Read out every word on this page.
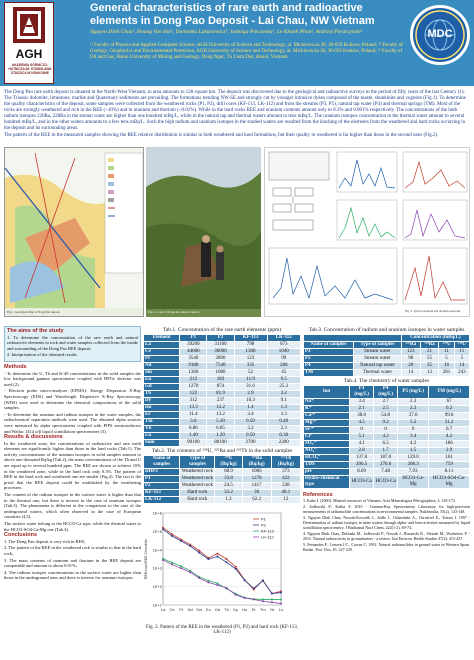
AGH
AKADEMIA GÓRNICZO-HUTNICZA IM. STANISŁAWA STASZICA W KRAKOWIE
General characteristics of rare earth and radioactive elements in Dong Pao Deposit - Lai Chau, NW Vietnam
Nguyen Dinh Chau¹, Hoang Van Hai², Dominika Lukasiewicz³, Jadwiga Pieczonka¹, Le Khanh Phon², Andrzej Piestrzyński¹
¹⁾ Faculty of Physics and Applied Computer Science, AGH University of Science and Technology, al. Mickiewicza 30, 30-059 Krakow, Poland; ²⁾ Faculty of Geology, Geophysics and Environmental Protection, AGH University of Science and Technology, al. Mickiewicza 30, 30-059 Kraków, Poland; ³⁾ Faculty of Oil and Gas, Hanoi University of Mining and Geology, Dong Ngac, Tu Liem Dist, Hanoi, Vietnam
MDC

The Dong Pao rare earth deposit is situated in the North-West Vietnam, in area amounts to 120 square km. The deposit was discovered due to the geological and radioactive surveys in the period of fifty years of the last Century (1). The Triassic dolomite, limestone, marble and Quaternary sediments are prevailing. The formations trending NW-SE and strongly cut by younger intrusive dykes composed of the tuaste, shonkinite and vogesite (Fig.1). To determine the quality characteristics of the deposit, some samples were collected from the weathered rocks (P1, P2), drill cores (KF-113, LK-112) and from the streams (P3, P5), natural tap water (P4) and thermal springs (TM). Most of the rocks are strongly weathered and rich in the REE (~10%) and in uranium and thorium (~0.01%). While in the hard rocks REE and uranium contents amount only to 0.3% and 0.001% respectively. The concentrations of the both radium isotopes 226Ra, 228Ra in the stream water are higher than one hundred mBq/L, while in the natural tap and thermal waters amount to tens mBq/L. The uranium isotopes concentration in the thermal water amount to several hundred mBq/L, and in the other waters amounts to a few tens mBq/L. Such the high radium and uranium isotopes in the studied waters are resulted from the leaching of the elements from the weathered and hard rocks occurring in the deposit and its surrounding areas.

The pattern of the REE in the measured samples showing the REE relative distribution is similar in both weathered and hard formations, but their quality in weathered is far higher than those in the second ones (Fig.2).

Fig.1. Geological Map of Dong Pao deposit	Fig 2. A view of Dong Pao deposit outcrop	Fig. 3. Typical uranium and thorium spectrum
The aims of the study

1. To determine the concentration of the rare earth and natural radioactive elements in rock and water samples collected from the inside and surrounding of the Dong Pao REE deposit.

2. Interpretation of the obtained results

Methods

- To determine the U, Th and K-40 concentrations in the solid samples the low background gamma spectrometer coupled with HPGe detector was used (2).

- Electron probe micro-analyser (EPMA): Energy Dispersion X-Ray Spectroscopy (EDS) and Wavelength Dispersive X-Ray Spectroscopy (WDS) were used to determine the chemical compositions of the solid samples.

- To determine the uranium and radium isotopes in the water samples, the radiochemical separation methods were used. The obtained alpha sources were measured by alpha spectrometer coupled with PIPS semiconductor and Wallac 1414 α/β liquid scintillation spectrometer (3).

Results & discussions

In the weathered zone, the concentrations of radioactive and rare earth elements are significantly higher than those in the hard rocks (Tab.1). The activity concentrations of the uranium isotopes in solid samples amount to above one thousand Bq/kg (Tab.2), the mass concentrations of the Th and U are equal up to several hundred ppm. The REE are shown to achieve 10% in the weathered zone, while in the hard rock only 0.3%. The pattern of REE in the hard rock and weathered one are similar (Fig.2). The fact is the proof that the REE deposit could be established by the weathering processes.

The content of the radium isotopes in the surface water is higher than that in the thermal one, but there is inverse in the case of uranium isotopes (Tab.3). The phenomena is different in the comparison to the case of the underground waters, which often observed in the case of European countries (4,5).

The surface water belong to the HCO3-Ca type, while the thermal water to the HCO3-SO4-Ca-Mg one (Tab.4).

Conclusions

1. The Dong Pao deposit is very rich in REE;

2. The pattern of the REE in the weathered rock is similar to that in the hard rock;

3. The mass contents of uranium and thorium in the REE deposit are comparable and amount to about 0.01%;

4. The radium isotopes concentrations in the surface water are higher than those in the underground ones and there is inverse for uranium isotopes.

Tab.1. Concentration of the rare earth elements (ppm)
Element	P1	P2	KF-113	LK-112
La	39200	31100	798	673
Ce	44600	36000	1300	1040
Pr	3540	2890	123	99
Nd	9180	7540	335	280
Sm	1360	1080	52	45
Eu	212	183	11.9	9.5
Gd	1270	874	31.6	25.3
Tb	122	81.9	2.9	3.2
Dy	312	237	10.3	9.1
Ho	13.3	12.2	1.4	1.3
Er	11.4	13.2	3.4	3.3
Tm	5.6	5.30	0.50	0.40
Yb	6.86	6.85	3.2	2.3
Lu	1.40	1.20	0.50	0.30
Sum	99100	80100	2700	2200
Tab.2. The contents of ²³⁸U, ²²⁶Ra and ²³²Th in the solid samples
Name of samples	Type of samples	²³⁸U (Bq/kg)	²²⁶Ra (Bq/kg)	²³²Th (Bq/kg)
DDP3	Weathered rock	68.9	1066	373
P1	Weathered rock	33.8	1278	422
P2	Weathered rock	24.5	1417	338
KF-113	Hard rock	33.2	30	40.1
LK-112	Hard rock	1.2	62.2	12
1E+1
1E+2
1E+3
1E+4
1E+5
1E+6
La Ce Pr Nd Sm Eu Gd Tb Dy Ho Er Tm Yb Lu
REE/rock/REE Chondrite
P1
P2
KF-113
LK-112
Fig. 2. Pattern of the REE in the weathered (P1, P2) and hard rock (KF-113, LK-112)
Tab.3. Concentration of radium and uranium isotopes in water samples
		Concentration (mBq/L)			
Name of samples	Type of samples	²²⁶Ra	²²⁸Ra	²³⁴U	²³⁸U
P3	Stream water	123	21	11	11
P5	Stream water	90	55	5	5
P4	Natural tap water	20	25	16	14
TM	Thermal water	14	13	281	243
Tab.4. The chemistry of water samples
Ion	P3 (mg/L)	P4 (mg/L)	P5 (mg/L)	TM (mg/L)
Na⁺	3.4	2.7	2.3	67
K⁺	2.1	2.5	2.3	6.2
Ca²⁺	38.0	54.8	37.0	99.8
Mg²⁺	4.5	9.2	5.2	31.2
Sr²⁺	0	0	0	0.7
Cl⁻	5.1	4.2	3.4	4.2
SO₄²⁻	4.1	6.5	4.2	186
NO₃⁻	2.8	1.7	1.5	2.9
HCO₃⁻	137.0	187.0	129.0	161
TDS	206.5	276.6	208.3	759
pH	8.09	7.48	7.93	8.11
Hydro-chemical type	HCO3-Ca	HCO3-Ca	HCO3-Ca-Mg	HCO3-SO4-Ca-Mg
References

1. Kubo I. (2000): Mineral resources of Vietnam. Acta Mineralogica Pétrographica, 2: 145-172.

2. Jodłowski P., Kalita S. 2010 - Gamma-Ray Spectrometry Laboratory for high-precision measurements of radionuclide concentrations in environmental samples. Nukleonika, 55(2), 143-148.

3. Nguyen Dinh Chau, Nowak-Kowalik J., Jodła J., Ochmiński A., Chruściel E., Tomza I. 1997 - Determination of radium isotopes in mine waters through alpha- and beta-activities measured by liquid scintillation spectrometry. J Radioanal Nucl Chem, 222(1-2), 69-74.

4. Nguyen Dinh Chau, Dulinski M., Jodlowski P., Nowak J., Rozanski K., Sleziak M., Wachniew P. - 2011: Natural radioactivity in groundwaters - a review. Isot Environ. Health Studies 47(4): 415-437.

5. Fernandes F., Lenzen J.C., Correa C. 1992. Natural radionuclides in ground water in Western Spain. Radiat. Prot. Dos, 45: 227-229.
